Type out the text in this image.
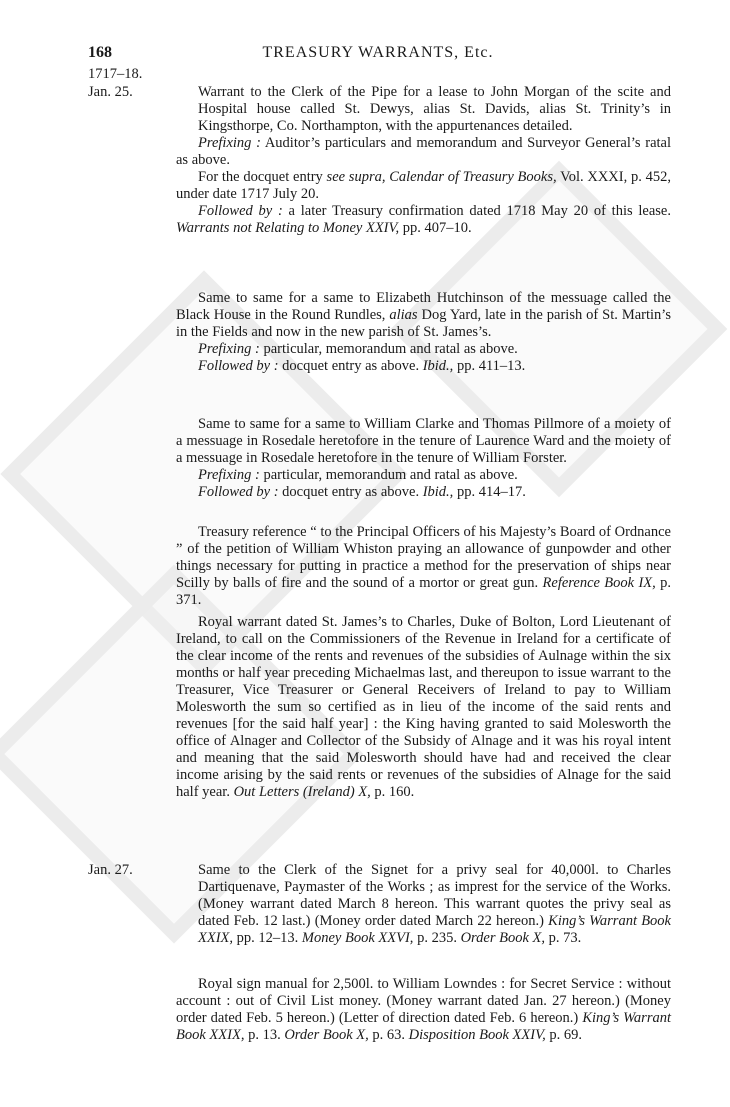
168	TREASURY WARRANTS, Etc.
1717–18.
Jan. 25.	Warrant to the Clerk of the Pipe for a lease to John Morgan of the scite and Hospital house called St. Dewys, alias St. Davids, alias St. Trinity’s in Kingsthorpe, Co. Northampton, with the appurtenances detailed.

Prefixing : Auditor’s particulars and memorandum and Surveyor General’s ratal as above.

For the docquet entry see supra, Calendar of Treasury Books, Vol. XXXI, p. 452, under date 1717 July 20.

Followed by : a later Treasury confirmation dated 1718 May 20 of this lease. Warrants not Relating to Money XXIV, pp. 407–10.

Same to same for a same to Elizabeth Hutchinson of the messuage called the Black House in the Round Rundles, alias Dog Yard, late in the parish of St. Martin’s in the Fields and now in the new parish of St. James’s.

Prefixing : particular, memorandum and ratal as above.

Followed by : docquet entry as above. Ibid., pp. 411–13.

Same to same for a same to William Clarke and Thomas Pillmore of a moiety of a messuage in Rosedale heretofore in the tenure of Laurence Ward and the moiety of a messuage in Rosedale heretofore in the tenure of William Forster.

Prefixing : particular, memorandum and ratal as above.

Followed by : docquet entry as above. Ibid., pp. 414–17.

Treasury reference “ to the Principal Officers of his Majesty’s Board of Ordnance ” of the petition of William Whiston praying an allowance of gunpowder and other things necessary for putting in practice a method for the preservation of ships near Scilly by balls of fire and the sound of a mortor or great gun. Reference Book IX, p. 371.

Royal warrant dated St. James’s to Charles, Duke of Bolton, Lord Lieutenant of Ireland, to call on the Commissioners of the Revenue in Ireland for a certificate of the clear income of the rents and revenues of the subsidies of Aulnage within the six months or half year preceding Michaelmas last, and thereupon to issue warrant to the Treasurer, Vice Treasurer or General Receivers of Ireland to pay to William Molesworth the sum so certified as in lieu of the income of the said rents and revenues [for the said half year] : the King having granted to said Molesworth the office of Alnager and Collector of the Subsidy of Alnage and it was his royal intent and meaning that the said Molesworth should have had and received the clear income arising by the said rents or revenues of the subsidies of Alnage for the said half year. Out Letters (Ireland) X, p. 160.

Jan. 27.	Same to the Clerk of the Signet for a privy seal for 40,000l. to Charles Dartiquenave, Paymaster of the Works ; as imprest for the service of the Works. (Money warrant dated March 8 hereon. This warrant quotes the privy seal as dated Feb. 12 last.) (Money order dated March 22 hereon.) King’s Warrant Book XXIX, pp. 12–13. Money Book XXVI, p. 235. Order Book X, p. 73.

Royal sign manual for 2,500l. to William Lowndes : for Secret Service : without account : out of Civil List money. (Money warrant dated Jan. 27 hereon.) (Money order dated Feb. 5 hereon.) (Letter of direction dated Feb. 6 hereon.) King’s Warrant Book XXIX, p. 13. Order Book X, p. 63. Disposition Book XXIV, p. 69.
